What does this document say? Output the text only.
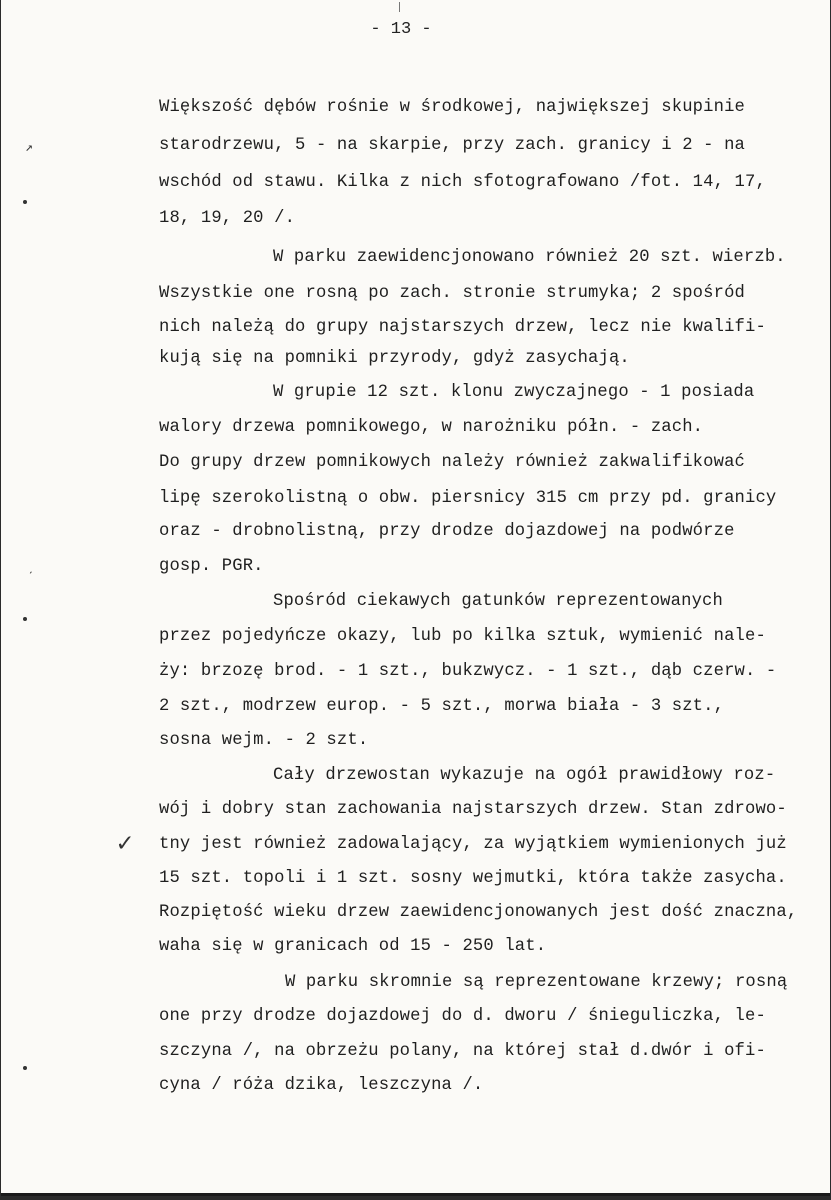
- 13 -
Większość dębów rośnie w środkowej, największej skupinie
starodrzewu, 5 - na skarpie, przy zach. granicy i 2 - na
wschód od stawu. Kilka z nich sfotografowano /fot. 14, 17,
18, 19, 20 /.
W parku zaewidencjonowano również 20 szt. wierzb.
Wszystkie one rosną po zach. stronie strumyka; 2 spośród
nich należą do grupy najstarszych drzew, lecz nie kwalifi-
kują się na pomniki przyrody, gdyż zasychają.
W grupie 12 szt. klonu zwyczajnego - 1 posiada
walory drzewa pomnikowego, w narożniku półn. - zach.
Do grupy drzew pomnikowych należy również zakwalifikować
lipę szerokolistną o obw. piersnicy 315 cm przy pd. granicy
oraz - drobnolistną, przy drodze dojazdowej na podwórze
gosp. PGR.
Spośród ciekawych gatunków reprezentowanych
przez pojedyńcze okazy, lub po kilka sztuk, wymienić nale-
ży: brzozę brod. - 1 szt., bukzwycz. - 1 szt., dąb czerw. -
2 szt., modrzew europ. - 5 szt., morwa biała - 3 szt.,
sosna wejm. - 2 szt.
Cały drzewostan wykazuje na ogół prawidłowy roz-
wój i dobry stan zachowania najstarszych drzew. Stan zdrowo-
tny jest również zadowalający, za wyjątkiem wymienionych już
15 szt. topoli i 1 szt. sosny wejmutki, która także zasycha.
Rozpiętość wieku drzew zaewidencjonowanych jest dość znaczna,
waha się w granicach od 15 - 250 lat.
W parku skromnie są reprezentowane krzewy; rosną
one przy drodze dojazdowej do d. dworu / śnieguliczka, le-
szczyna /, na obrzeżu polany, na której stał d.dwór i ofi-
cyna / róża dzika, leszczyna /.
↗
ˏ
✓
